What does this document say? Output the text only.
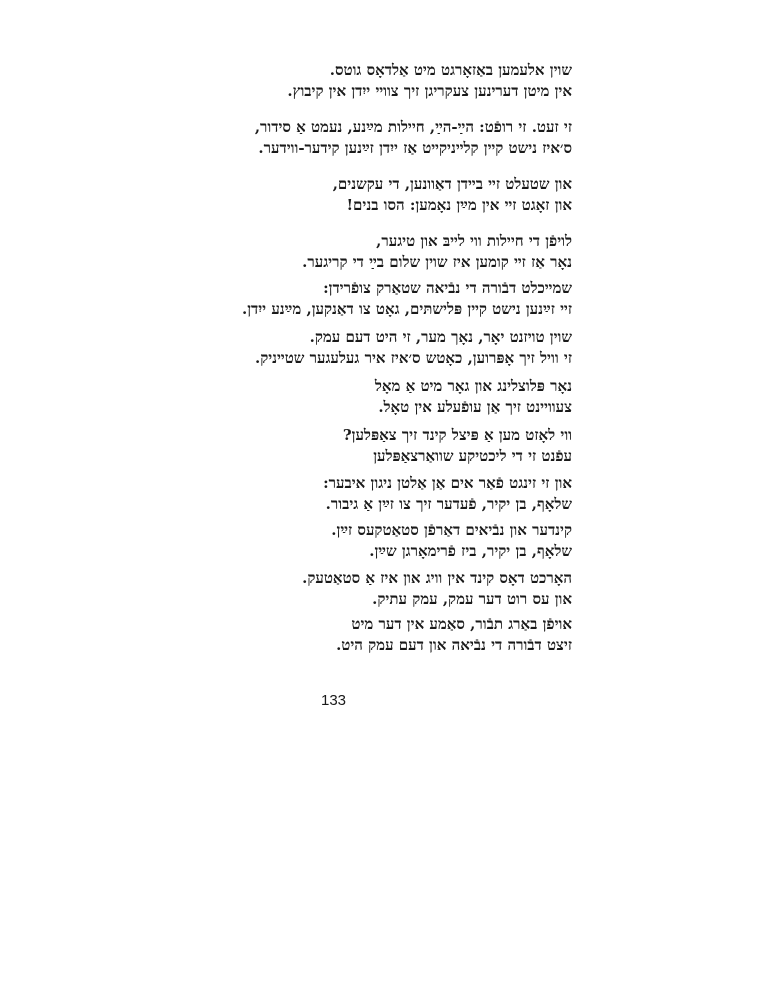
שוין אלעמען באַזאָרגט מיט אַלדאָס גוטס.
אין מיטן דערינען צעקריגן זיך צווײ ייִדן אין קיבוץ.
זי זעט. זי רופֿט: הײַ-הײַ, חיילות מײַנע, נעמט אַ סידור,
ס׳איז נישט קײן קלײניקײט אַז ייִדן זײַנען קידער-ווידער.
און שטעלט זײ בײדן דאַוונען, די עקשנים,
און זאָגט זײ אין מײַן נאָמען: הסו בנים!
לויפֿן די חיילות ווי לײבּ און טיגער,
נאָר אַז זײ קומען איז שוין שלום בײַ די קריגער.
שמײכלט דבֿורה די נבֿיאה שטאַרק צופֿרידן:
זײ זײַנען נישט קײן פּלישתּים, גאָט צו דאַנקען, מײַנע ייִדן.
שוין טויזנט יאָר, נאָך מער, זי היט דעם עמק.
זי וויל זיך אָפּרוען, כאָטש ס׳איז איר געלעגער שטײניק.
נאָר פּלוצלינג און גאָר מיט אַ מאָל
צעוויינט זיך אַן עופֿעלע אין טאָל.
ווי לאָזט מען אַ פּיצל קינד זיך צאַפּלען?
עפֿנט זי די ליכטיקע שוואַרצאַפּלען
און זי זינגט פֿאַר אים אַן אַלטן ניגון איבער:
שלאָף, בן יקיר, פֿעדער זיך צו זײַן אַ גיבור.
קינדער און נבֿיאים דאַרפֿן סטאַטקעס זײַן.
שלאָף, בן יקיר, ביז פֿרימאָרגן שײַן.
האָרכט דאָס קינד אין וויג און איז אַ סטאַטעק.
און עס רוט דער עמק, עמק עתיק.
אויפֿן באַרג תבֿור, סאַמע אין דער מיט
זיצט דבֿורה די נבֿיאה און דעם עמק היט.
133
